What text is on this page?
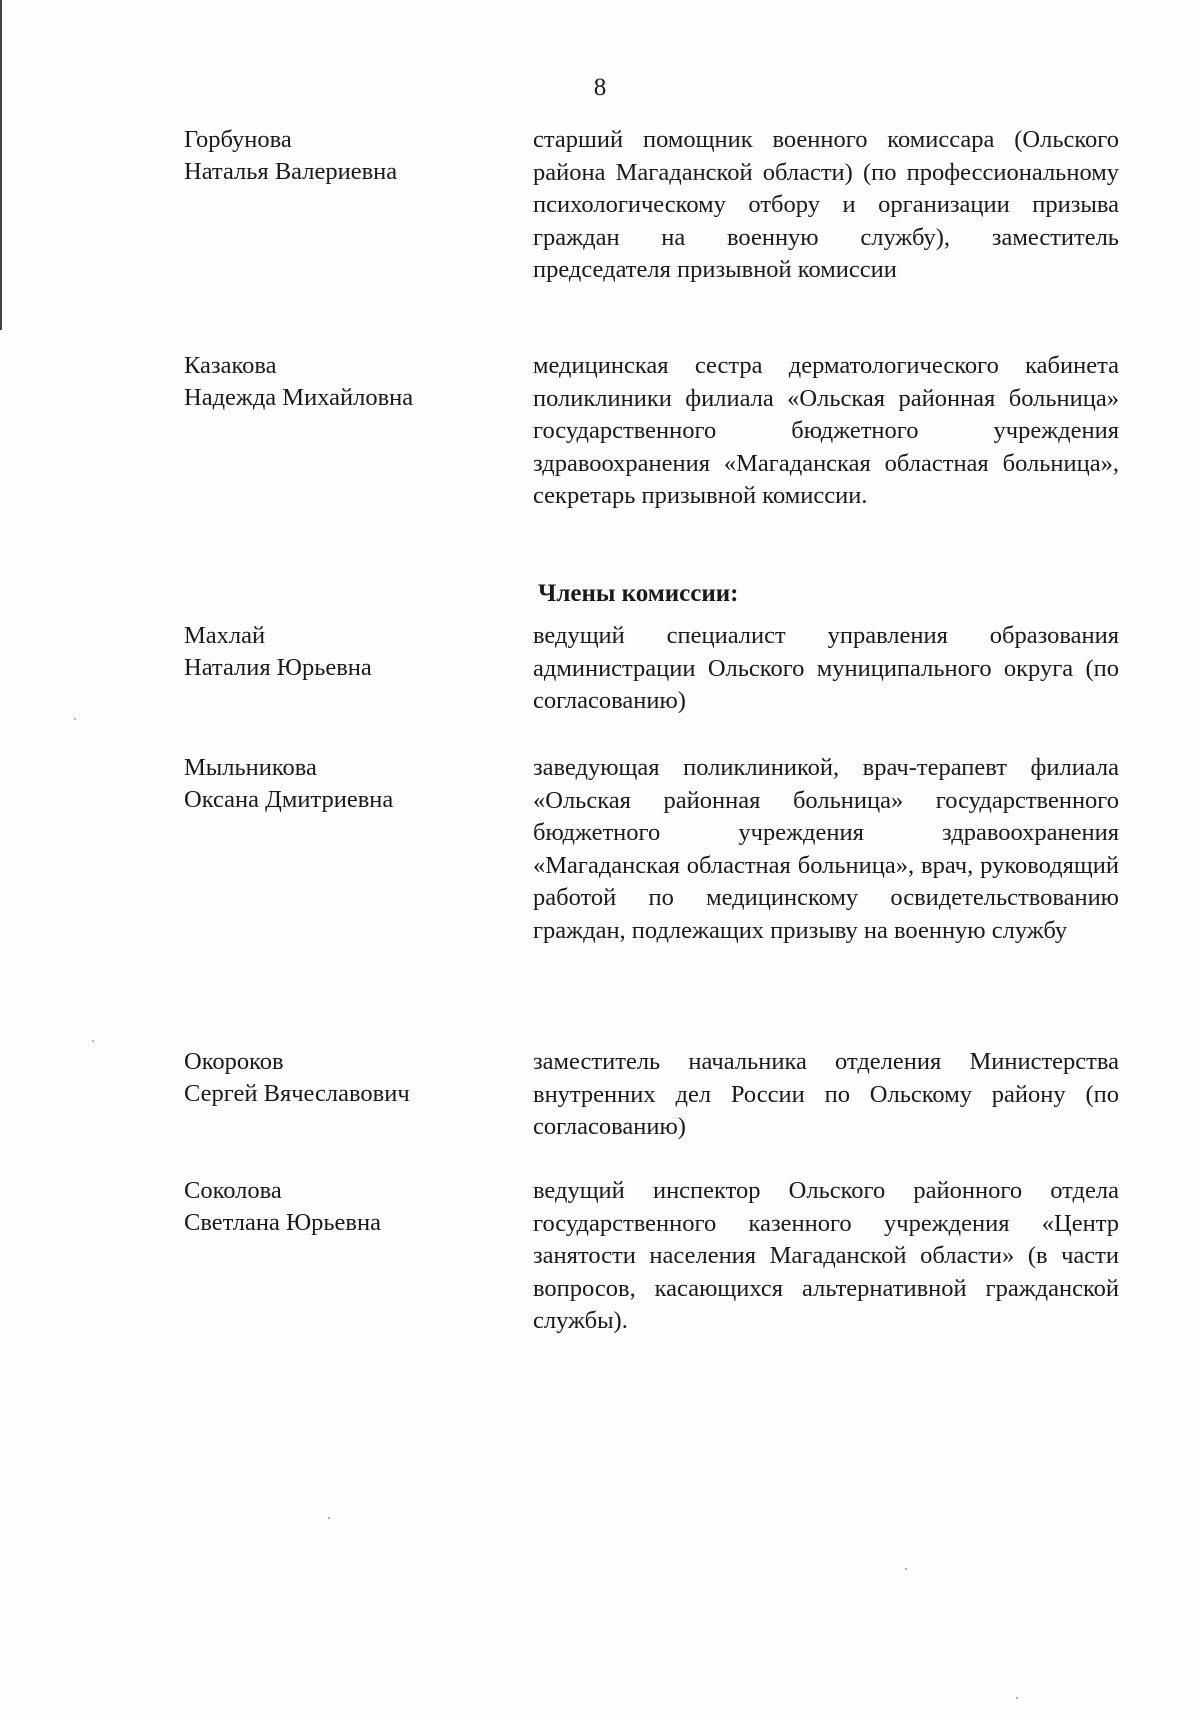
8
Горбунова
Наталья Валериевна
старший помощник военного комиссара (Ольского района Магаданской области) (по профессиональному психологическому отбору и организации призыва граждан на военную службу), заместитель председателя призывной комиссии
Казакова
Надежда Михайловна
медицинская сестра дерматологического кабинета поликлиники филиала «Ольская районная больница» государственного бюджетного учреждения здравоохранения «Магаданская областная больница», секретарь призывной комиссии.
Члены комиссии:
Махлай
Наталия Юрьевна
ведущий специалист управления образования администрации Ольского муниципального округа (по согласованию)
Мыльникова
Оксана Дмитриевна
заведующая поликлиникой, врач-терапевт филиала «Ольская районная больница» государственного бюджетного учреждения здравоохранения «Магаданская областная больница», врач, руководящий работой по медицинскому освидетельствованию граждан, подлежащих призыву на военную службу
Окороков
Сергей Вячеславович
заместитель начальника отделения Министерства внутренних дел России по Ольскому району (по согласованию)
Соколова
Светлана Юрьевна
ведущий инспектор Ольского районного отдела государственного казенного учреждения «Центр занятости населения Магаданской области» (в части вопросов, касающихся альтернативной гражданской службы).
